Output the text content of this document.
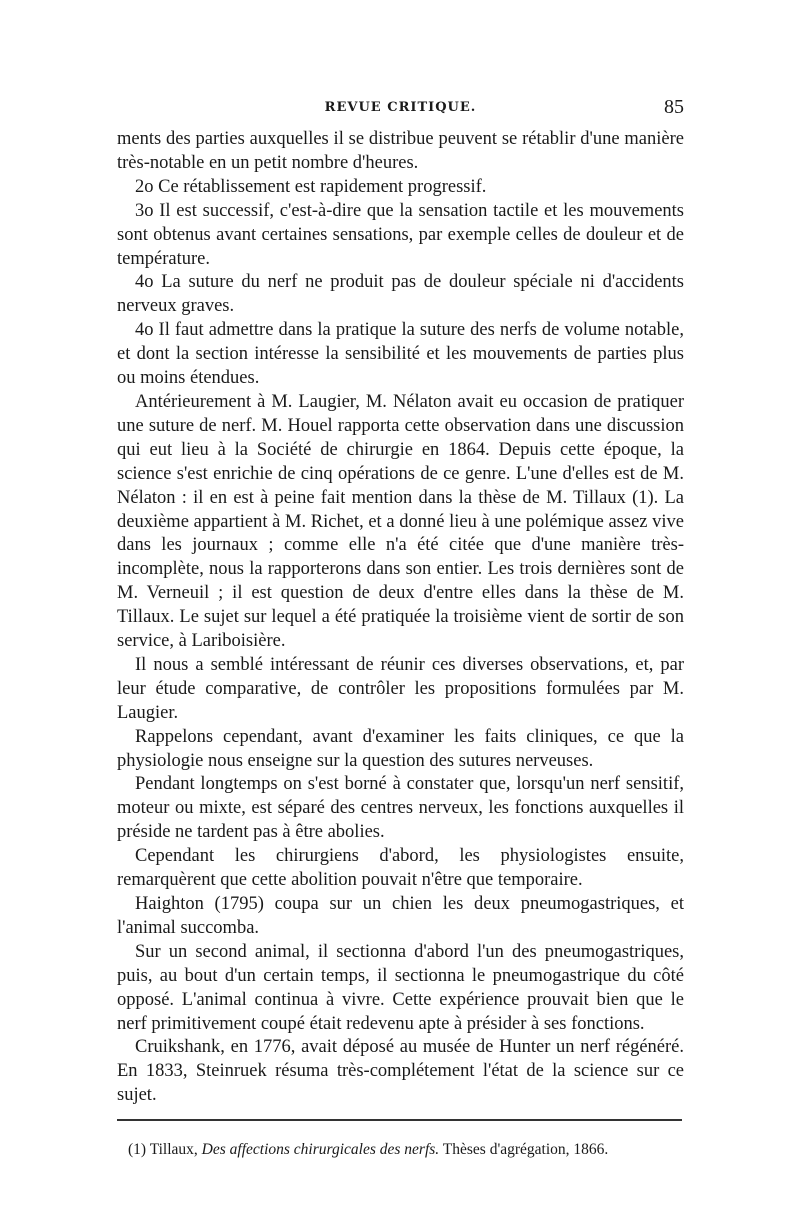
REVUE CRITIQUE.	85

ments des parties auxquelles il se distribue peuvent se rétablir d'une manière très-notable en un petit nombre d'heures.

2o Ce rétablissement est rapidement progressif.

3o Il est successif, c'est-à-dire que la sensation tactile et les mouvements sont obtenus avant certaines sensations, par exemple celles de douleur et de température.

4o La suture du nerf ne produit pas de douleur spéciale ni d'accidents nerveux graves.

4o Il faut admettre dans la pratique la suture des nerfs de volume notable, et dont la section intéresse la sensibilité et les mouvements de parties plus ou moins étendues.

Antérieurement à M. Laugier, M. Nélaton avait eu occasion de pratiquer une suture de nerf. M. Houel rapporta cette observation dans une discussion qui eut lieu à la Société de chirurgie en 1864. Depuis cette époque, la science s'est enrichie de cinq opérations de ce genre. L'une d'elles est de M. Nélaton : il en est à peine fait mention dans la thèse de M. Tillaux (1). La deuxième appartient à M. Richet, et a donné lieu à une polémique assez vive dans les journaux ; comme elle n'a été citée que d'une manière très-incomplète, nous la rapporterons dans son entier. Les trois dernières sont de M. Verneuil ; il est question de deux d'entre elles dans la thèse de M. Tillaux. Le sujet sur lequel a été pratiquée la troisième vient de sortir de son service, à Lariboisière.

Il nous a semblé intéressant de réunir ces diverses observations, et, par leur étude comparative, de contrôler les propositions formulées par M. Laugier.

Rappelons cependant, avant d'examiner les faits cliniques, ce que la physiologie nous enseigne sur la question des sutures nerveuses.

Pendant longtemps on s'est borné à constater que, lorsqu'un nerf sensitif, moteur ou mixte, est séparé des centres nerveux, les fonctions auxquelles il préside ne tardent pas à être abolies.

Cependant les chirurgiens d'abord, les physiologistes ensuite, remarquèrent que cette abolition pouvait n'être que temporaire.

Haighton (1795) coupa sur un chien les deux pneumogastriques, et l'animal succomba.

Sur un second animal, il sectionna d'abord l'un des pneumogastriques, puis, au bout d'un certain temps, il sectionna le pneumogastrique du côté opposé. L'animal continua à vivre. Cette expérience prouvait bien que le nerf primitivement coupé était redevenu apte à présider à ses fonctions.

Cruikshank, en 1776, avait déposé au musée de Hunter un nerf régénéré. En 1833, Steinruek résuma très-complétement l'état de la science sur ce sujet.

(1) Tillaux, Des affections chirurgicales des nerfs. Thèses d'agrégation, 1866.
